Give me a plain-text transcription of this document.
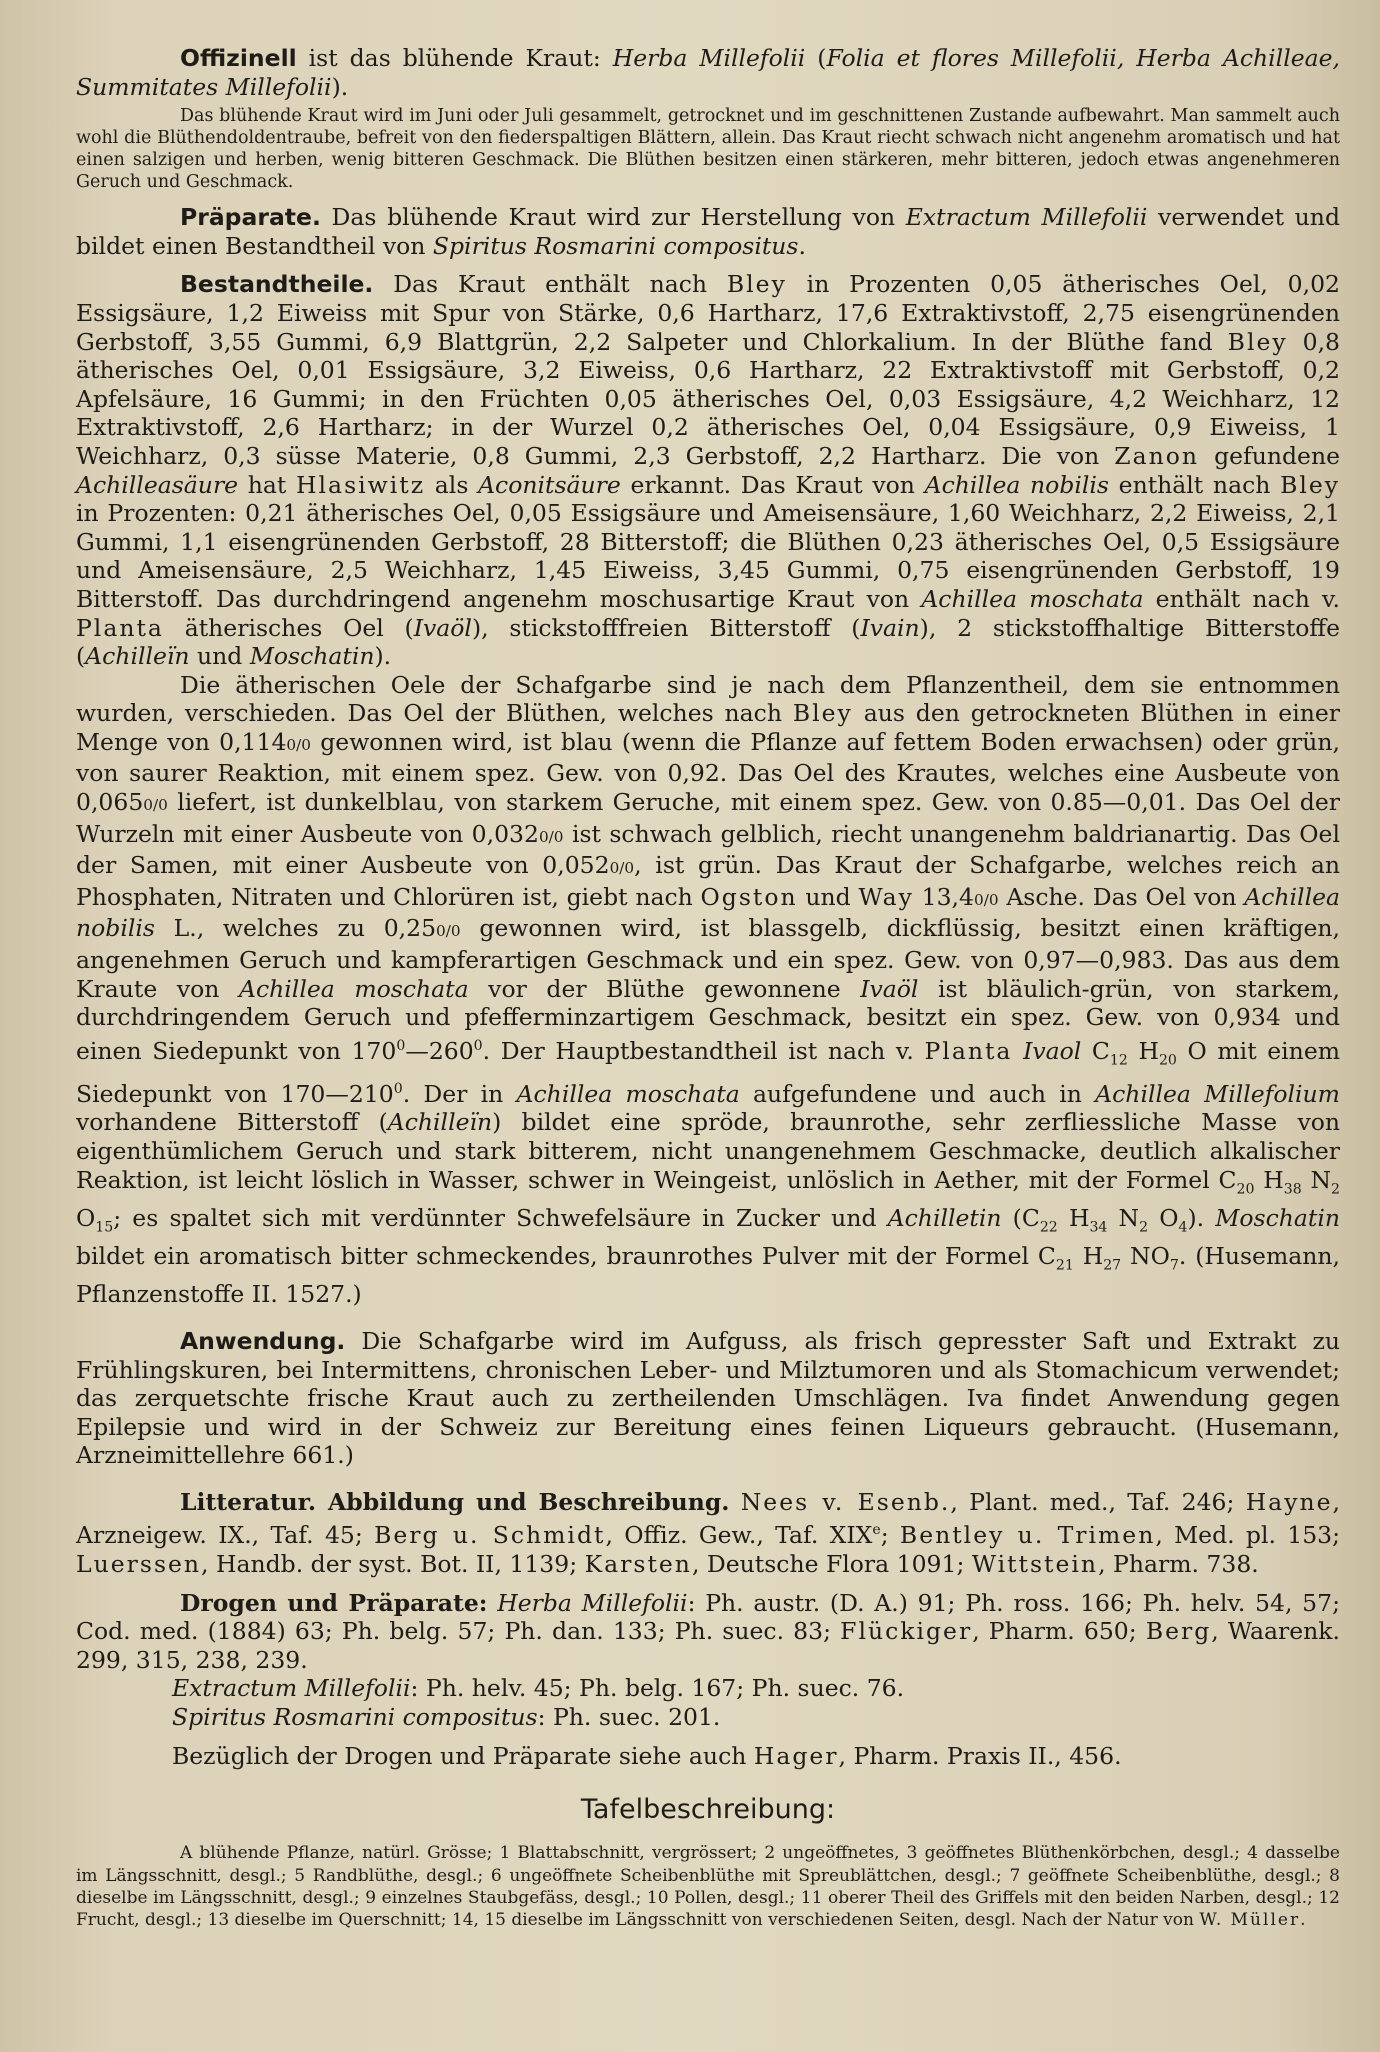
Offizinell ist das blühende Kraut: Herba Millefolii (Folia et flores Millefolii, Herba Achilleae, Summitates Millefolii).

Das blühende Kraut wird im Juni oder Juli gesammelt, getrocknet und im geschnittenen Zustande aufbewahrt. Man sammelt auch wohl die Blüthendoldentraube, befreit von den fiederspaltigen Blättern, allein. Das Kraut riecht schwach nicht angenehm aromatisch und hat einen salzigen und herben, wenig bitteren Geschmack. Die Blüthen besitzen einen stärkeren, mehr bitteren, jedoch etwas angenehmeren Geruch und Geschmack.

Präparate. Das blühende Kraut wird zur Herstellung von Extractum Millefolii verwendet und bildet einen Bestandtheil von Spiritus Rosmarini compositus.

Bestandtheile. Das Kraut enthält nach Bley in Prozenten 0,05 ätherisches Oel, 0,02 Essigsäure, 1,2 Eiweiss mit Spur von Stärke, 0,6 Hartharz, 17,6 Extraktivstoff, 2,75 eisengrünenden Gerbstoff, 3,55 Gummi, 6,9 Blattgrün, 2,2 Salpeter und Chlorkalium. In der Blüthe fand Bley 0,8 ätherisches Oel, 0,01 Essigsäure, 3,2 Eiweiss, 0,6 Hartharz, 22 Extraktivstoff mit Gerbstoff, 0,2 Apfelsäure, 16 Gummi; in den Früchten 0,05 ätherisches Oel, 0,03 Essigsäure, 4,2 Weichharz, 12 Extraktivstoff, 2,6 Hartharz; in der Wurzel 0,2 ätherisches Oel, 0,04 Essigsäure, 0,9 Eiweiss, 1 Weichharz, 0,3 süsse Materie, 0,8 Gummi, 2,3 Gerbstoff, 2,2 Hartharz. Die von Zanon gefundene Achilleasäure hat Hlasiwitz als Aconitsäure erkannt. Das Kraut von Achillea nobilis enthält nach Bley in Prozenten: 0,21 ätherisches Oel, 0,05 Essigsäure und Ameisensäure, 1,60 Weichharz, 2,2 Eiweiss, 2,1 Gummi, 1,1 eisengrünenden Gerbstoff, 28 Bitterstoff; die Blüthen 0,23 ätherisches Oel, 0,5 Essigsäure und Ameisensäure, 2,5 Weichharz, 1,45 Eiweiss, 3,45 Gummi, 0,75 eisengrünenden Gerbstoff, 19 Bitterstoff. Das durchdringend angenehm moschusartige Kraut von Achillea moschata enthält nach v. Planta ätherisches Oel (Ivaöl), stickstofffreien Bitterstoff (Ivain), 2 stickstoffhaltige Bitterstoffe (Achilleïn und Moschatin).

Die ätherischen Oele der Schafgarbe sind je nach dem Pflanzentheil, dem sie entnommen wurden, verschieden. Das Oel der Blüthen, welches nach Bley aus den getrockneten Blüthen in einer Menge von 0,1140/0 gewonnen wird, ist blau (wenn die Pflanze auf fettem Boden erwachsen) oder grün, von saurer Reaktion, mit einem spez. Gew. von 0,92. Das Oel des Krautes, welches eine Ausbeute von 0,0650/0 liefert, ist dunkelblau, von starkem Geruche, mit einem spez. Gew. von 0.85—0,01. Das Oel der Wurzeln mit einer Ausbeute von 0,0320/0 ist schwach gelblich, riecht unangenehm baldrianartig. Das Oel der Samen, mit einer Ausbeute von 0,0520/0, ist grün. Das Kraut der Schafgarbe, welches reich an Phosphaten, Nitraten und Chlorüren ist, giebt nach Ogston und Way 13,40/0 Asche. Das Oel von Achillea nobilis L., welches zu 0,250/0 gewonnen wird, ist blassgelb, dickflüssig, besitzt einen kräftigen, angenehmen Geruch und kampferartigen Geschmack und ein spez. Gew. von 0,97—0,983. Das aus dem Kraute von Achillea moschata vor der Blüthe gewonnene Ivaöl ist bläulich-grün, von starkem, durchdringendem Geruch und pfefferminzartigem Geschmack, besitzt ein spez. Gew. von 0,934 und einen Siedepunkt von $170^0—260^0$. Der Hauptbestandtheil ist nach v. Planta Ivaol $C_{12}$ $H_{20}$ O mit einem Siedepunkt von $170—210^0$. Der in Achillea moschata aufgefundene und auch in Achillea Millefolium vorhandene Bitterstoff (Achilleïn) bildet eine spröde, braunrothe, sehr zerfliessliche Masse von eigenthümlichem Geruch und stark bitterem, nicht unangenehmem Geschmacke, deutlich alkalischer Reaktion, ist leicht löslich in Wasser, schwer in Weingeist, unlöslich in Aether, mit der Formel $C_{20}$ $H_{38}$ $N_2$ $O_{15}$; es spaltet sich mit verdünnter Schwefelsäure in Zucker und Achilletin ($C_{22}$ $H_{34}$ $N_2$ $O_4$). Moschatin bildet ein aromatisch bitter schmeckendes, braunrothes Pulver mit der Formel $C_{21}$ $H_{27}$ $NO_7$. (Husemann, Pflanzenstoffe II. 1527.)

Anwendung. Die Schafgarbe wird im Aufguss, als frisch gepresster Saft und Extrakt zu Frühlingskuren, bei Intermittens, chronischen Leber- und Milztumoren und als Stomachicum verwendet; das zerquetschte frische Kraut auch zu zertheilenden Umschlägen. Iva findet Anwendung gegen Epilepsie und wird in der Schweiz zur Bereitung eines feinen Liqueurs gebraucht. (Husemann, Arzneimittellehre 661.)

Litteratur. Abbildung und Beschreibung. Nees v. Esenb., Plant. med., Taf. 246; Hayne, Arzneigew. IX., Taf. 45; Berg u. Schmidt, Offiz. Gew., Taf. XIXe; Bentley u. Trimen, Med. pl. 153; Luerssen, Handb. der syst. Bot. II, 1139; Karsten, Deutsche Flora 1091; Wittstein, Pharm. 738.

Drogen und Präparate: Herba Millefolii: Ph. austr. (D. A.) 91; Ph. ross. 166; Ph. helv. 54, 57; Cod. med. (1884) 63; Ph. belg. 57; Ph. dan. 133; Ph. suec. 83; Flückiger, Pharm. 650; Berg, Waarenk. 299, 315, 238, 239.

Extractum Millefolii: Ph. helv. 45; Ph. belg. 167; Ph. suec. 76.

Spiritus Rosmarini compositus: Ph. suec. 201.

Bezüglich der Drogen und Präparate siehe auch Hager, Pharm. Praxis II., 456.

Tafelbeschreibung:

A blühende Pflanze, natürl. Grösse; 1 Blattabschnitt, vergrössert; 2 ungeöffnetes, 3 geöffnetes Blüthenkörbchen, desgl.; 4 dasselbe im Längsschnitt, desgl.; 5 Randblüthe, desgl.; 6 ungeöffnete Scheibenblüthe mit Spreublättchen, desgl.; 7 geöffnete Scheibenblüthe, desgl.; 8 dieselbe im Längsschnitt, desgl.; 9 einzelnes Staubgefäss, desgl.; 10 Pollen, desgl.; 11 oberer Theil des Griffels mit den beiden Narben, desgl.; 12 Frucht, desgl.; 13 dieselbe im Querschnitt; 14, 15 dieselbe im Längsschnitt von verschiedenen Seiten, desgl. Nach der Natur von W. Müller.
